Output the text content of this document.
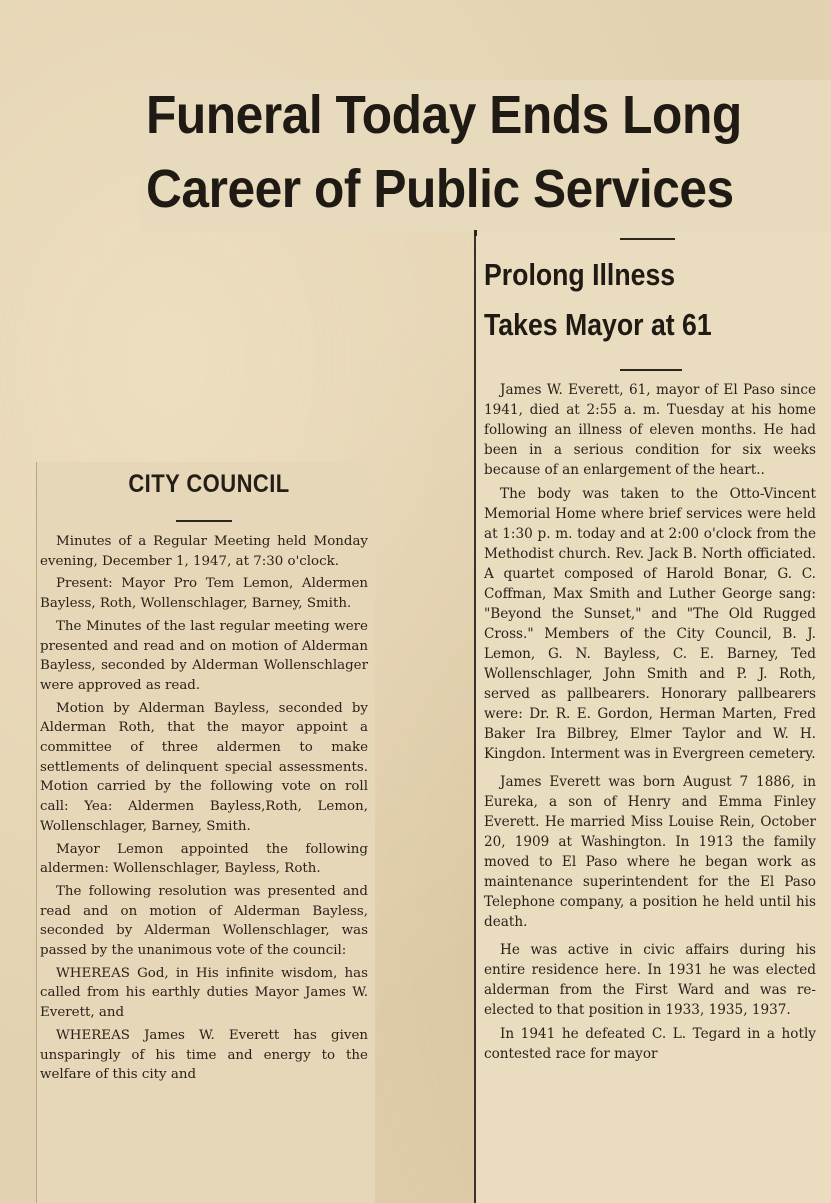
Funeral Today Ends Long
Career of Public Services
CITY COUNCIL

Minutes of a Regular Meeting held Monday evening, December 1, 1947, at 7:30 o'clock.

Present: Mayor Pro Tem Lemon, Aldermen Bayless, Roth, Wollenschlager, Barney, Smith.

The Minutes of the last regular meeting were presented and read and on motion of Alderman Bayless, seconded by Alderman Wollenschlager were approved as read.

Motion by Alderman Bayless, seconded by Alderman Roth, that the mayor appoint a committee of three aldermen to make settlements of delinquent special assessments. Motion carried by the following vote on roll call: Yea: Aldermen Bayless,Roth, Lemon, Wollenschlager, Barney, Smith.

Mayor Lemon appointed the following aldermen: Wollenschlager, Bayless, Roth.

The following resolution was presented and read and on motion of Alderman Bayless, seconded by Alderman Wollenschlager, was passed by the unanimous vote of the council:

WHEREAS God, in His infinite wisdom, has called from his earthly duties Mayor James W. Everett, and

WHEREAS James W. Everett has given unsparingly of his time and energy to the welfare of this city and

Prolong Illness
Takes Mayor at 61

James W. Everett, 61, mayor of El Paso since 1941, died at 2:55 a. m. Tuesday at his home following an illness of eleven months. He had been in a serious condition for six weeks because of an enlargement of the heart..

The body was taken to the Otto-Vincent Memorial Home where brief services were held at 1:30 p. m. today and at 2:00 o'clock from the Methodist church. Rev. Jack B. North officiated. A quartet composed of Harold Bonar, G. C. Coffman, Max Smith and Luther George sang: "Beyond the Sunset," and "The Old Rugged Cross." Members of the City Council, B. J. Lemon, G. N. Bayless, C. E. Barney, Ted Wollenschlager, John Smith and P. J. Roth, served as pallbearers. Honorary pallbearers were: Dr. R. E. Gordon, Herman Marten, Fred Baker Ira Bilbrey, Elmer Taylor and W. H. Kingdon. Interment was in Evergreen cemetery.

James Everett was born August 7 1886, in Eureka, a son of Henry and Emma Finley Everett. He married Miss Louise Rein, October 20, 1909 at Washington. In 1913 the family moved to El Paso where he began work as maintenance superintendent for the El Paso Telephone company, a position he held until his death.

He was active in civic affairs during his entire residence here. In 1931 he was elected alderman from the First Ward and was re-elected to that position in 1933, 1935, 1937.

In 1941 he defeated C. L. Tegard in a hotly contested race for mayor
